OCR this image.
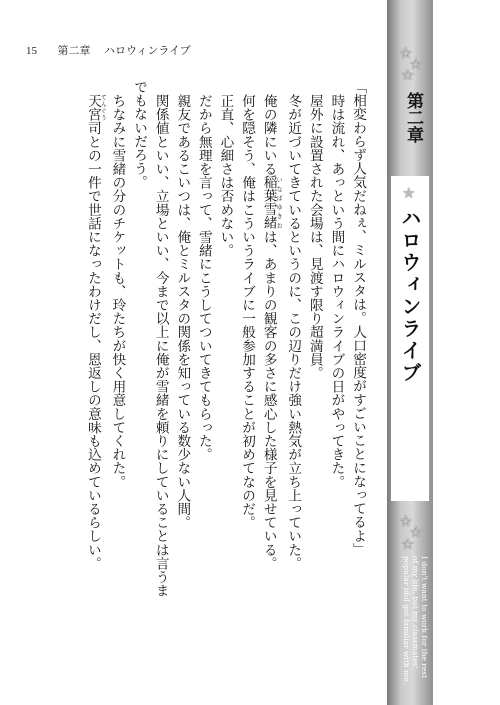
15 第二章 ハロウィンライブ

「相変わらず人気だねぇ、ミルスタは。人口密度がすごいことになってるよ」

時は流れ、あっという間にハロウィンライブの日がやってきた。

屋外に設置された会場は、見渡す限り超満員。

冬が近づいてきているというのに、この辺りだけ強い熱気が立ち上っていた。

俺の隣にいる稲葉いなば雪緒ゆきおは、あまりの観客の多さに感心した様子を見せている。

何を隠そう、俺はこういうライブに一般参加することが初めてなのだ。

正直、心細さは否めない。

だから無理を言って、雪緒にこうしてついてきてもらった。

親友であるこいつは、俺とミルスタの関係を知っている数少ない人間。

関係値といい、立場といい、今まで以上に俺が雪緒を頼りにしていることは言うまでもないだろう。

ちなみに雪緒の分のチケットも、玲たちが快く用意してくれた。

天宮てんぐう司との一件で世話になったわけだし、恩返しの意味も込めているらしい。

☆
☆
☆
第二章
★
ハロウィンライブ
☆
☆
☆
I don't want to work for the rest
of my life, but my classmates'
popular idol got familiar with me.
